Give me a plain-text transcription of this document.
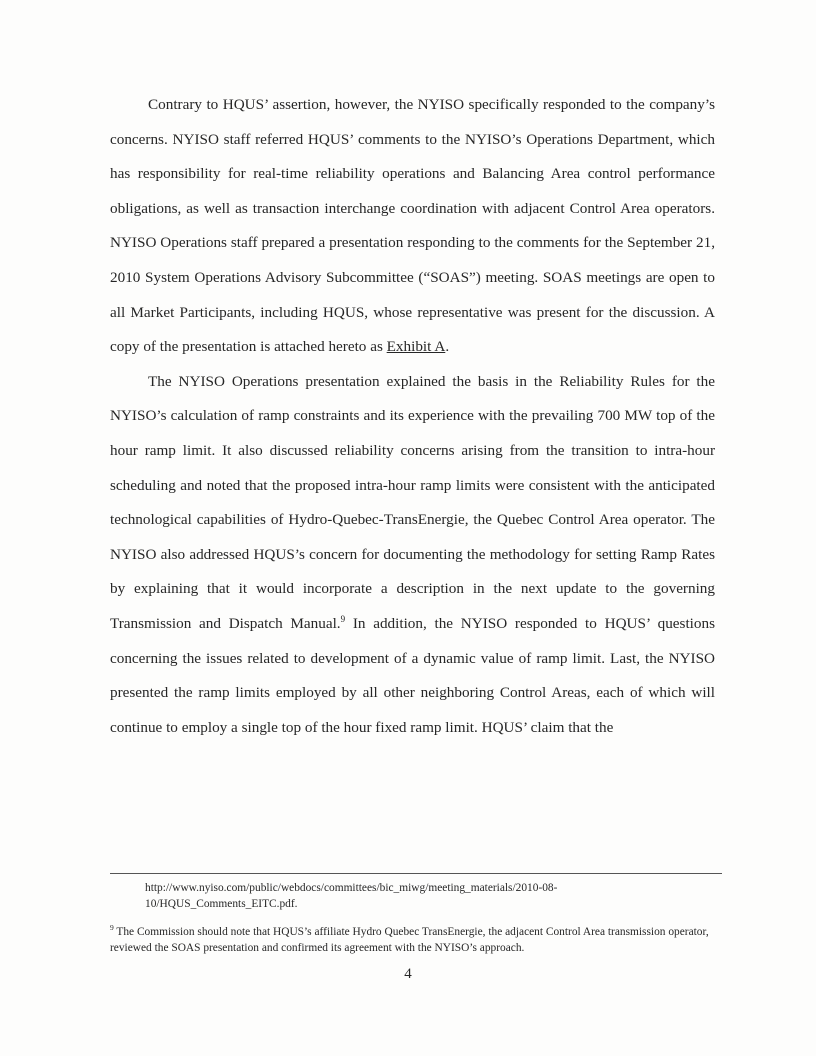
Contrary to HQUS’ assertion, however, the NYISO specifically responded to the company’s concerns. NYISO staff referred HQUS’ comments to the NYISO’s Operations Department, which has responsibility for real-time reliability operations and Balancing Area control performance obligations, as well as transaction interchange coordination with adjacent Control Area operators. NYISO Operations staff prepared a presentation responding to the comments for the September 21, 2010 System Operations Advisory Subcommittee (“SOAS”) meeting. SOAS meetings are open to all Market Participants, including HQUS, whose representative was present for the discussion. A copy of the presentation is attached hereto as Exhibit A.

The NYISO Operations presentation explained the basis in the Reliability Rules for the NYISO’s calculation of ramp constraints and its experience with the prevailing 700 MW top of the hour ramp limit. It also discussed reliability concerns arising from the transition to intra-hour scheduling and noted that the proposed intra-hour ramp limits were consistent with the anticipated technological capabilities of Hydro-Quebec-TransEnergie, the Quebec Control Area operator. The NYISO also addressed HQUS’s concern for documenting the methodology for setting Ramp Rates by explaining that it would incorporate a description in the next update to the governing Transmission and Dispatch Manual.$^9$ In addition, the NYISO responded to HQUS’ questions concerning the issues related to development of a dynamic value of ramp limit. Last, the NYISO presented the ramp limits employed by all other neighboring Control Areas, each of which will continue to employ a single top of the hour fixed ramp limit. HQUS’ claim that the

http://www.nyiso.com/public/webdocs/committees/bic_miwg/meeting_materials/2010-08-10/HQUS_Comments_EITC.pdf.

$^9$ The Commission should note that HQUS’s affiliate Hydro Quebec TransEnergie, the adjacent Control Area transmission operator, reviewed the SOAS presentation and confirmed its agreement with the NYISO’s approach.

4
